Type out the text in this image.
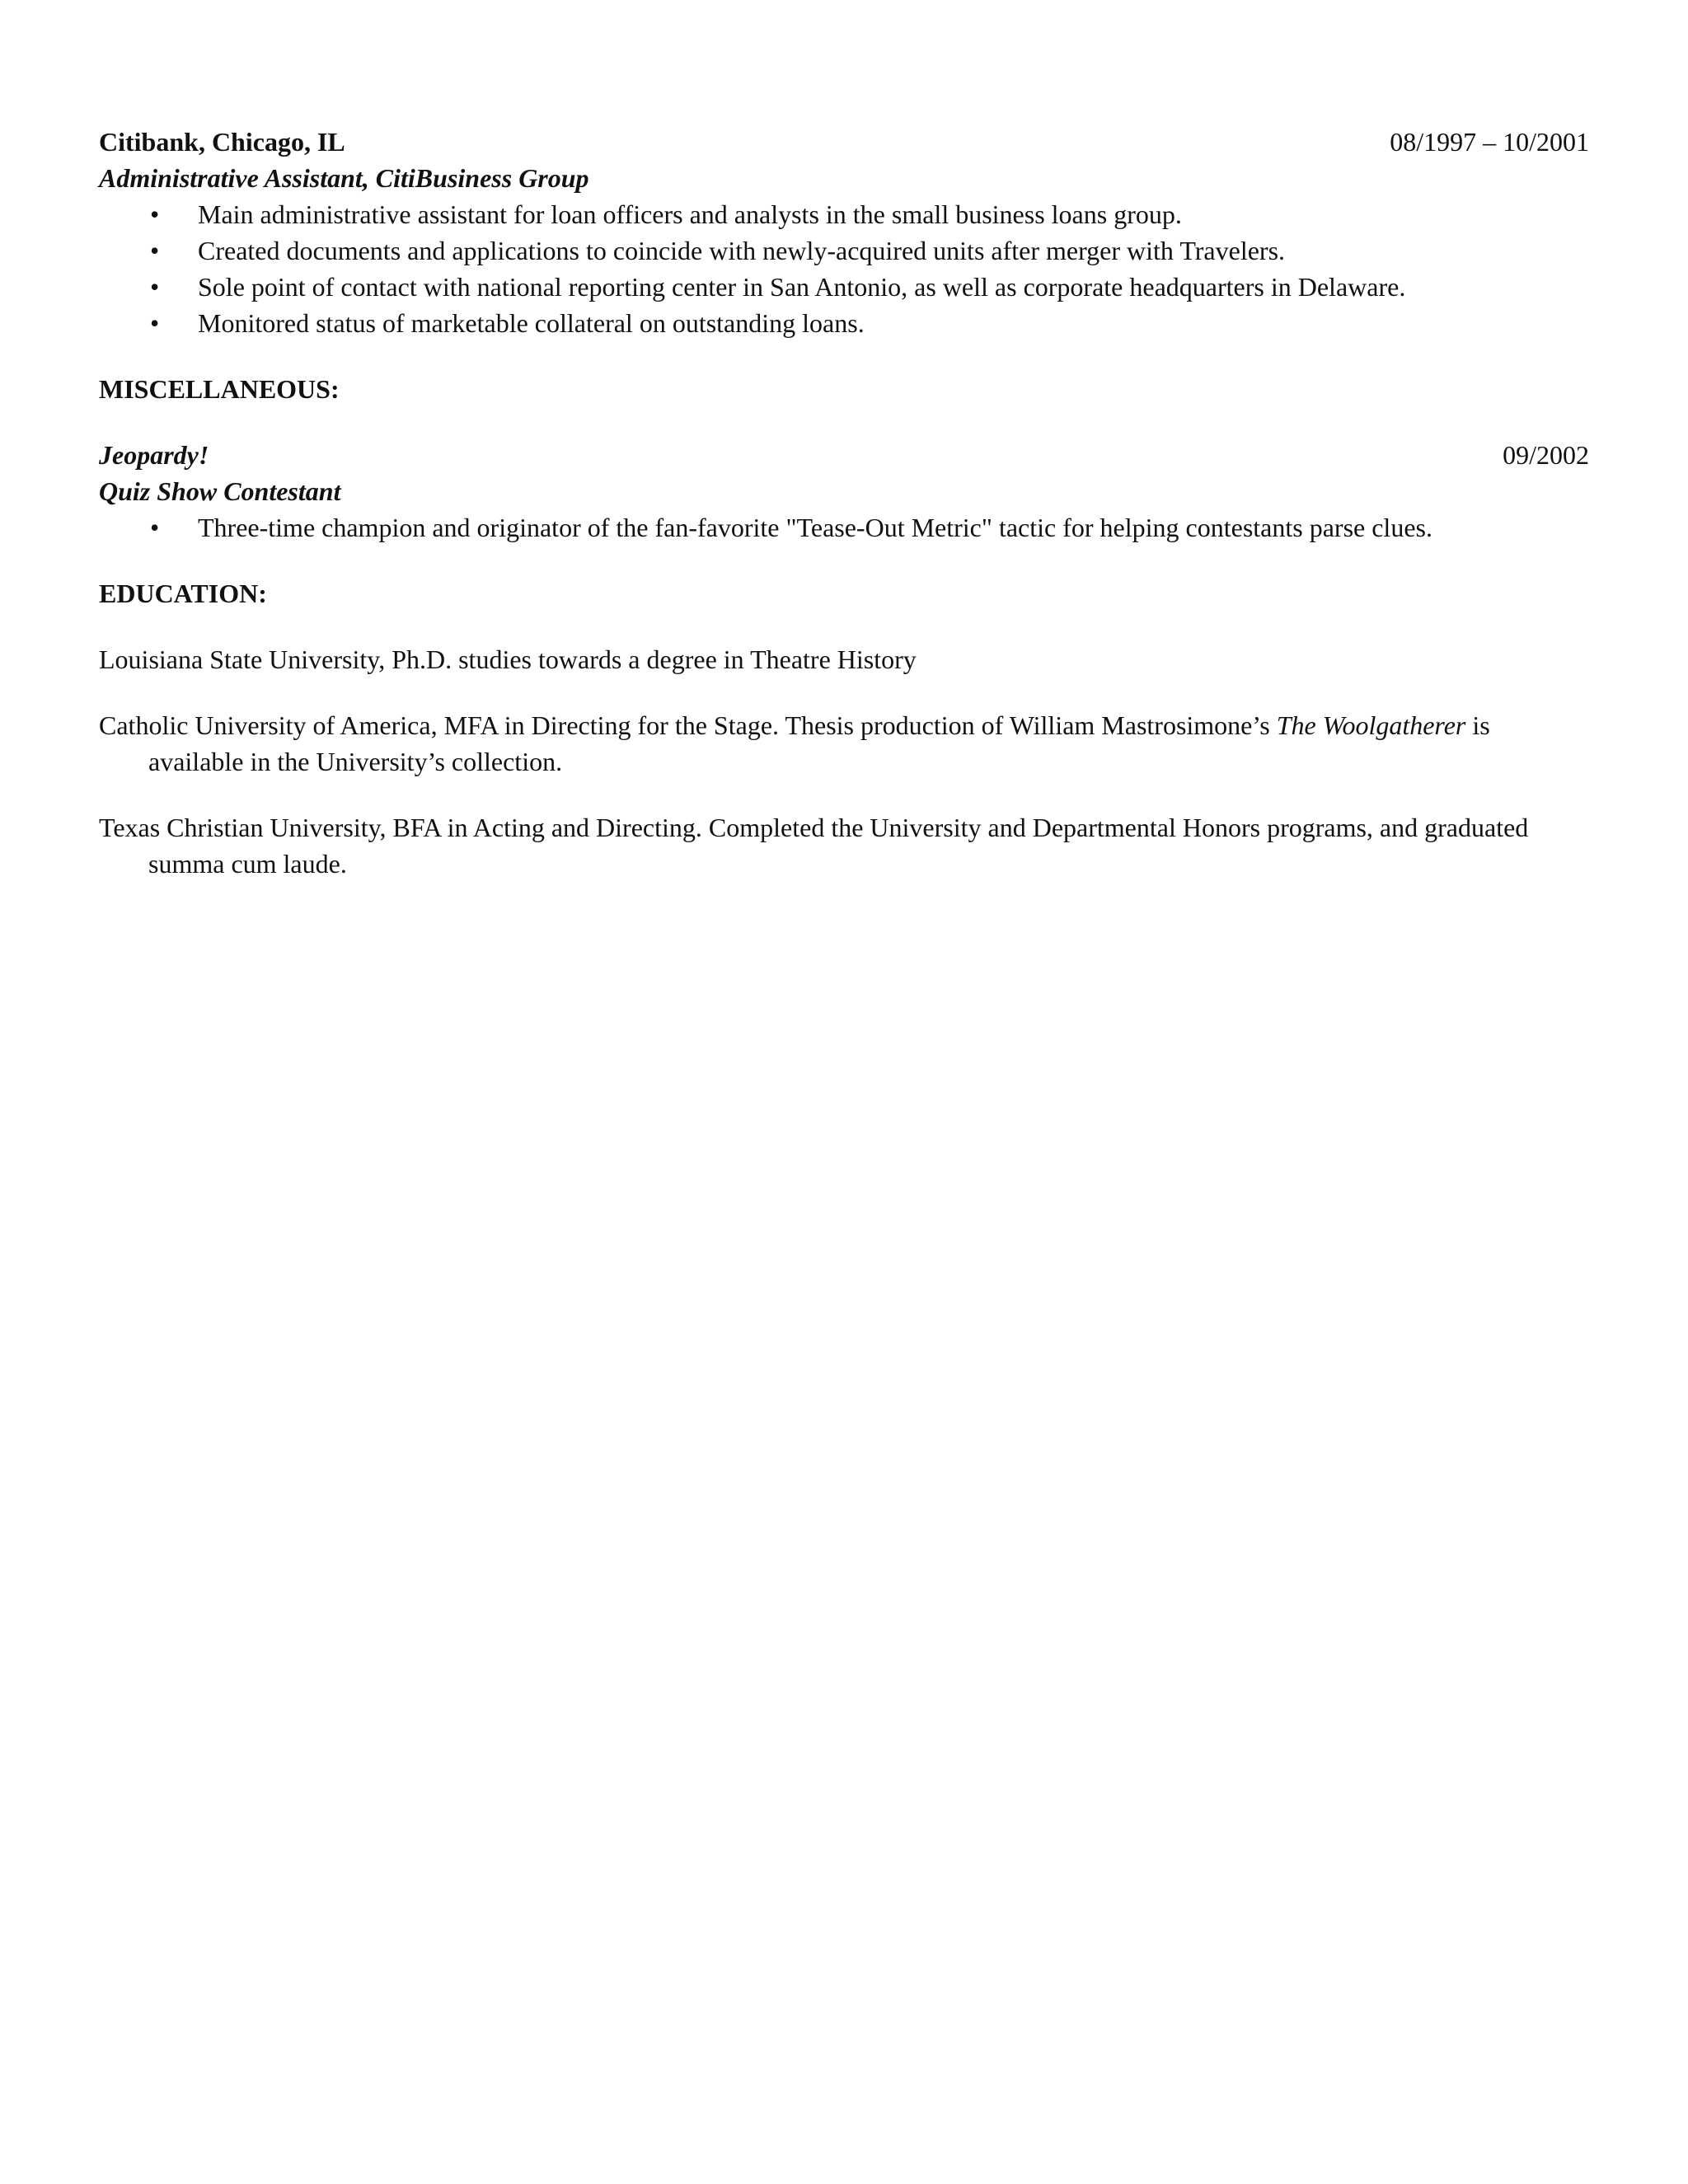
Citibank, Chicago, IL	08/1997 – 10/2001
Administrative Assistant, CitiBusiness Group
• Main administrative assistant for loan officers and analysts in the small business loans group.
• Created documents and applications to coincide with newly-acquired units after merger with Travelers.
• Sole point of contact with national reporting center in San Antonio, as well as corporate headquarters in Delaware.
• Monitored status of marketable collateral on outstanding loans.
MISCELLANEOUS:
Jeopardy!	09/2002
Quiz Show Contestant
• Three-time champion and originator of the fan-favorite "Tease-Out Metric" tactic for helping contestants parse clues.
EDUCATION:
Louisiana State University, Ph.D. studies towards a degree in Theatre History
Catholic University of America, MFA in Directing for the Stage. Thesis production of William Mastrosimone’s The Woolgatherer is available in the University’s collection.
Texas Christian University, BFA in Acting and Directing. Completed the University and Departmental Honors programs, and graduated summa cum laude.
